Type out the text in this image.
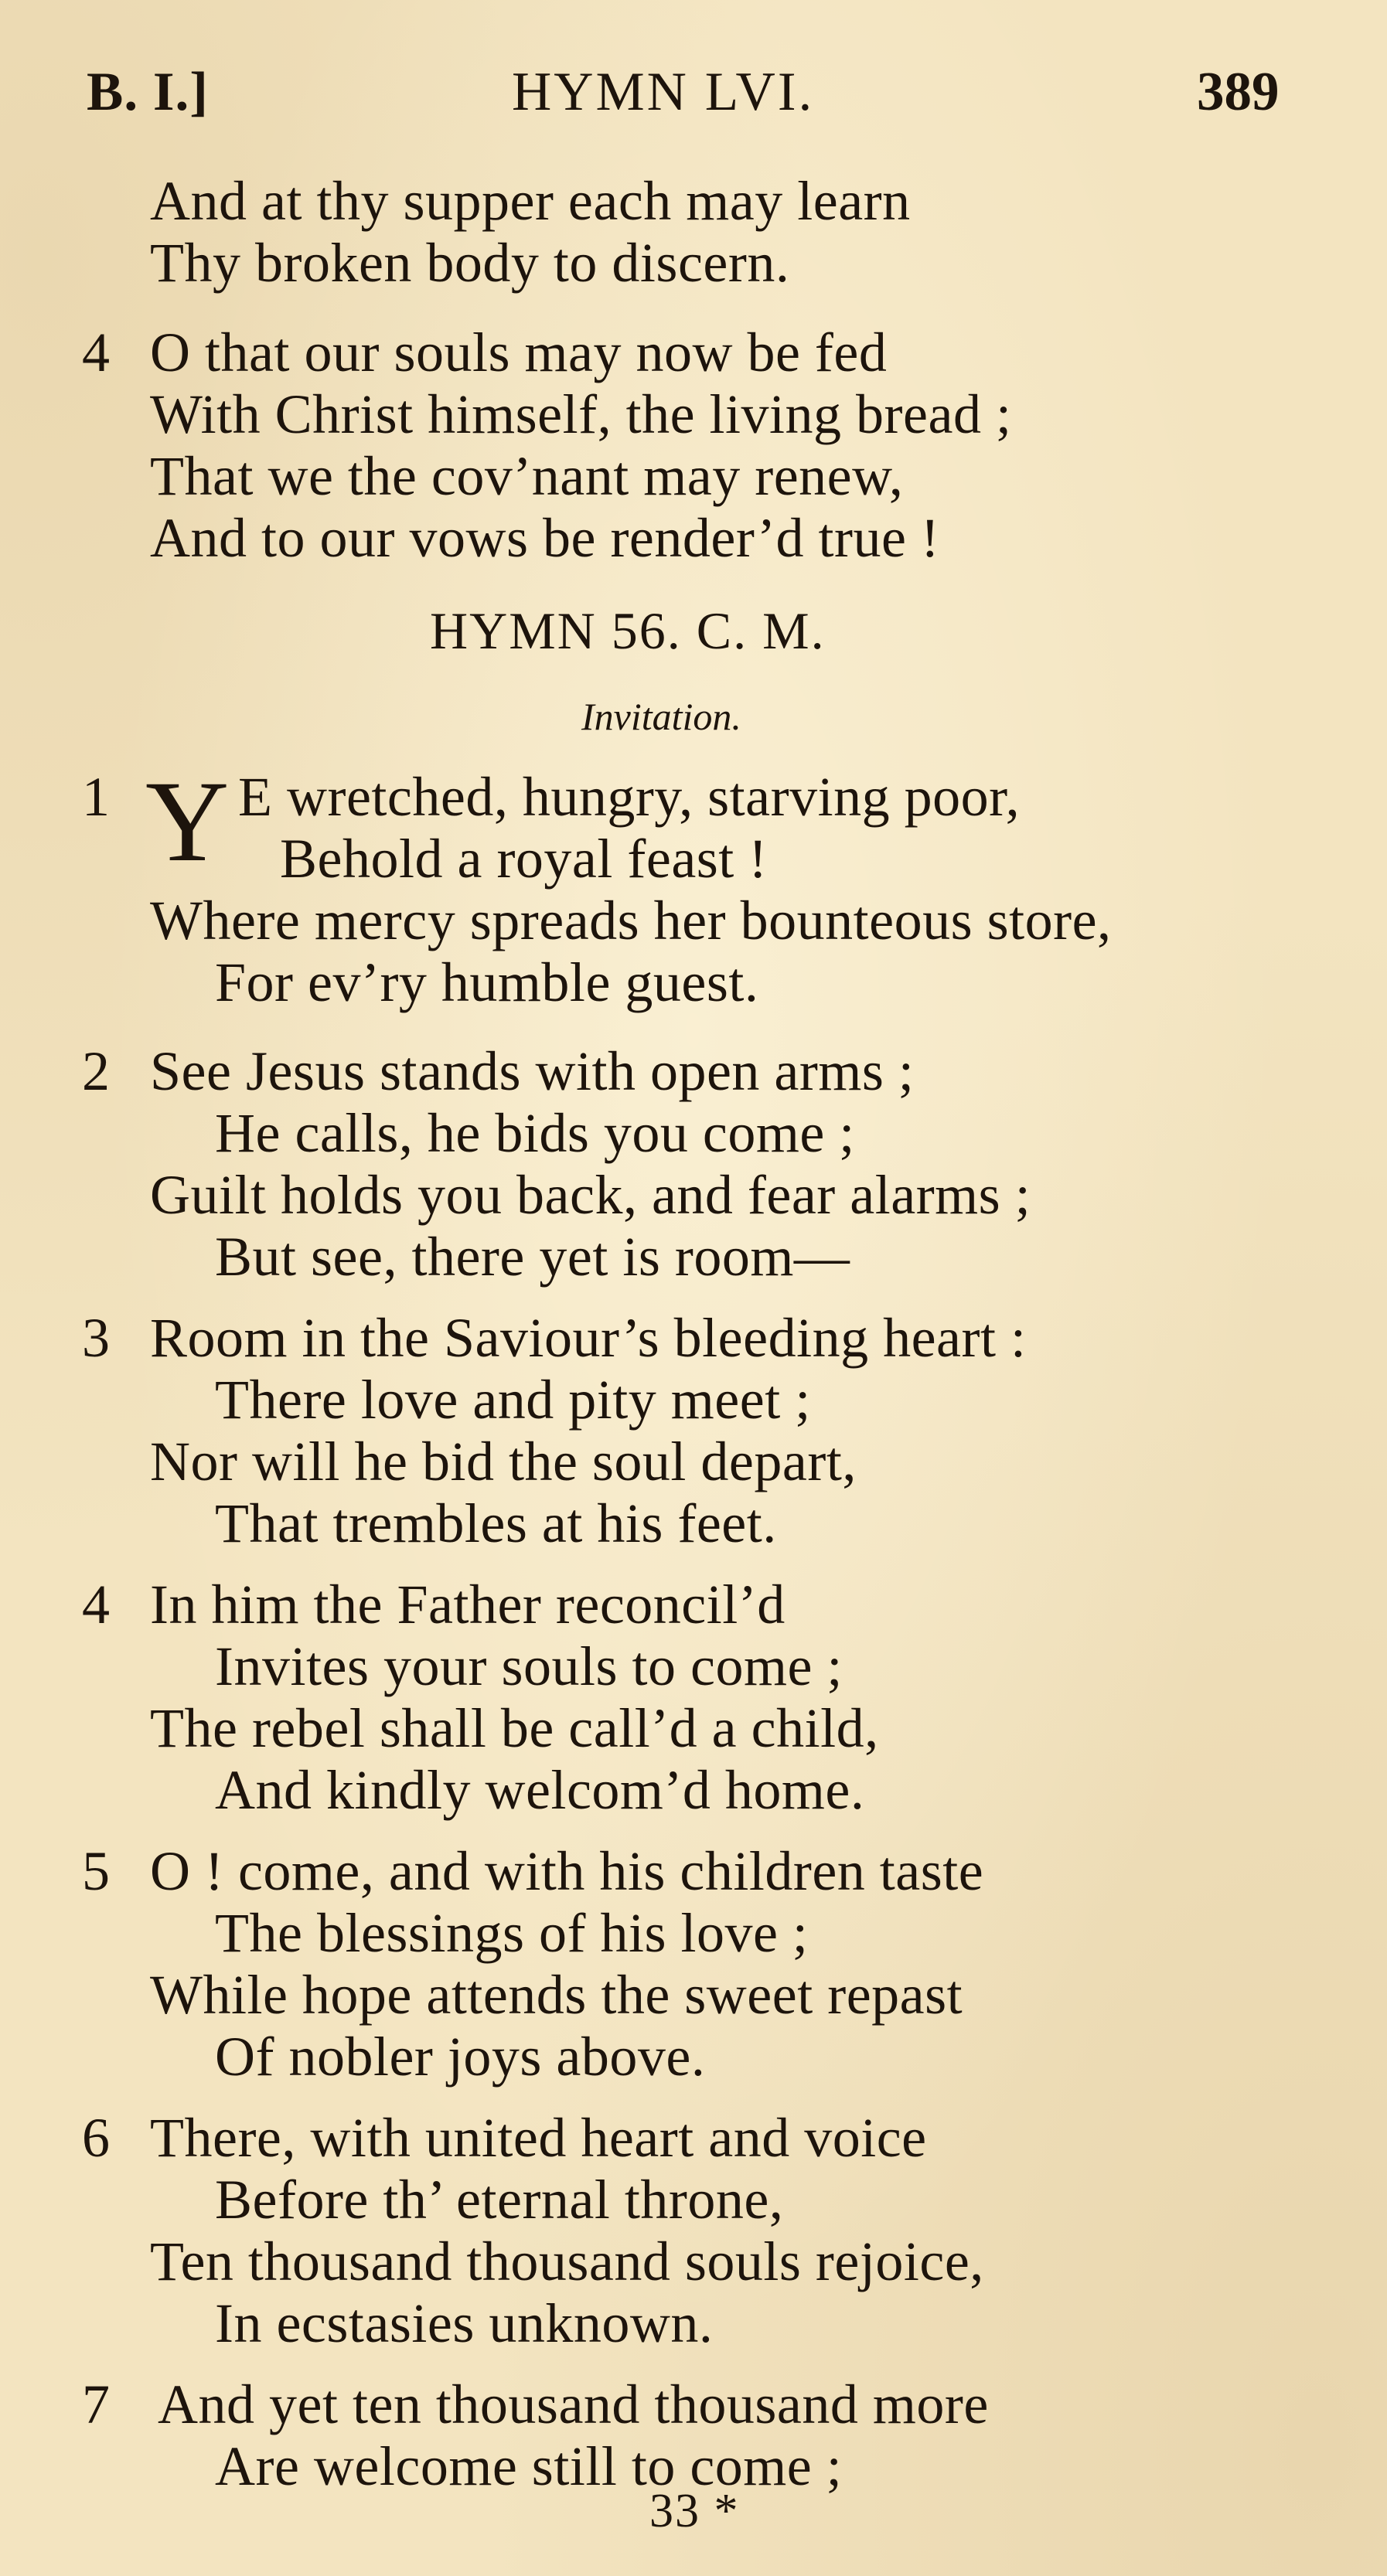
B. I.]	HYMN LVI.	389
And at thy supper each may learn
Thy broken body to discern.
4 O that our souls may now be fed
With Christ himself, the living bread ;
That we the cov’nant may renew,
And to our vows be render’d true !
HYMN 56. C. M.
Invitation.
1 Y E wretched, hungry, starving poor,
Behold a royal feast !
Where mercy spreads her bounteous store,
For ev’ry humble guest.
2 See Jesus stands with open arms ;
He calls, he bids you come ;
Guilt holds you back, and fear alarms ;
But see, there yet is room—
3 Room in the Saviour’s bleeding heart :
There love and pity meet ;
Nor will he bid the soul depart,
That trembles at his feet.
4 In him the Father reconcil’d
Invites your souls to come ;
The rebel shall be call’d a child,
And kindly welcom’d home.
5 O ! come, and with his children taste
The blessings of his love ;
While hope attends the sweet repast
Of nobler joys above.
6 There, with united heart and voice
Before th’ eternal throne,
Ten thousand thousand souls rejoice,
In ecstasies unknown.
7 And yet ten thousand thousand more
Are welcome still to come ;
33 *
